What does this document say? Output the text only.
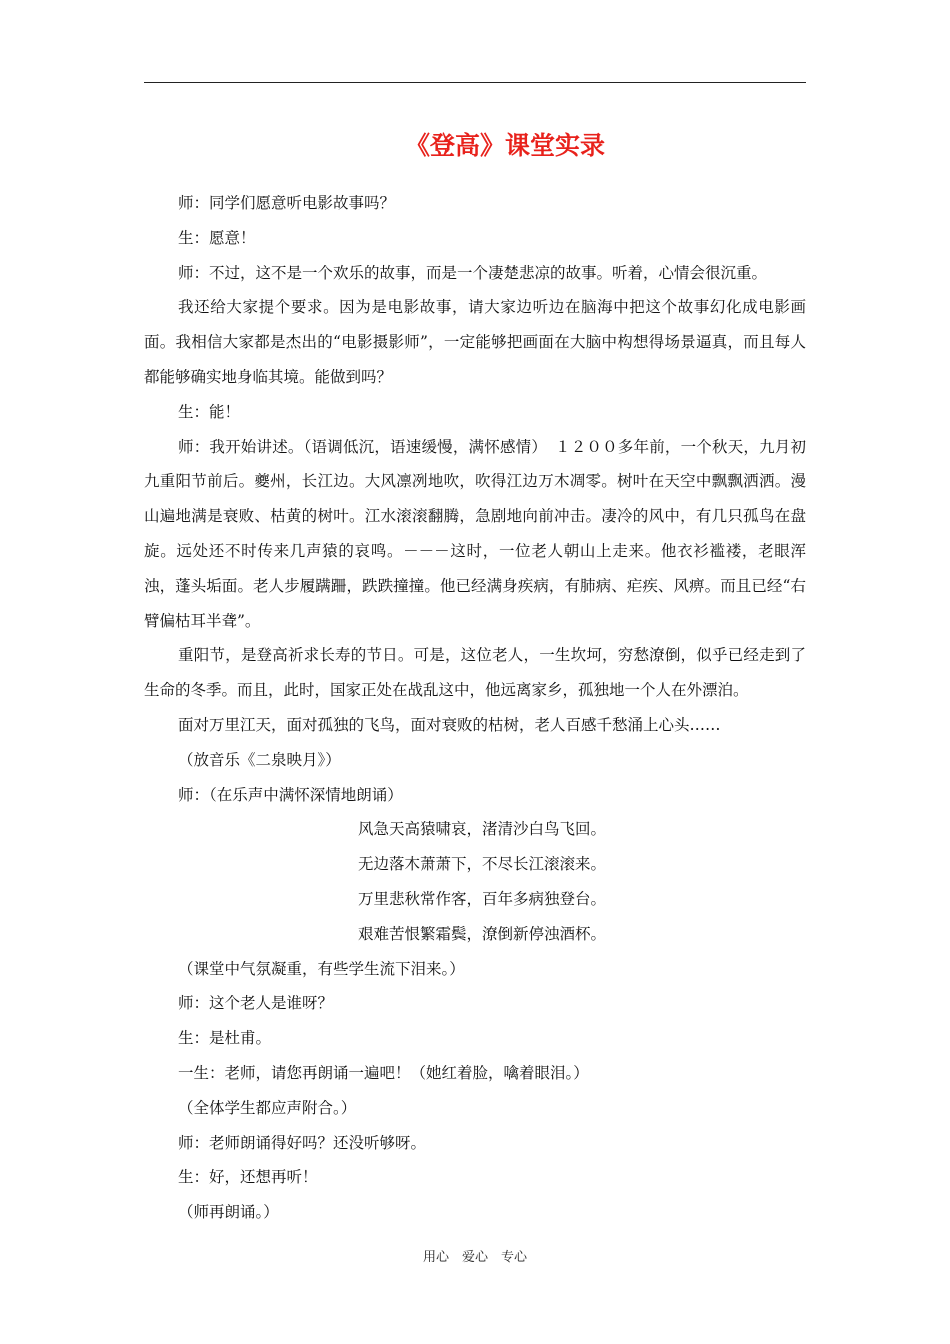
《登高》课堂实录

师：同学们愿意听电影故事吗？

生：愿意！

师：不过，这不是一个欢乐的故事，而是一个凄楚悲凉的故事。听着，心情会很沉重。

我还给大家提个要求。因为是电影故事，请大家边听边在脑海中把这个故事幻化成电影画面。我相信大家都是杰出的“电影摄影师”，一定能够把画面在大脑中构想得场景逼真，而且每人都能够确实地身临其境。能做到吗？

生：能！

师：我开始讲述。（语调低沉，语速缓慢，满怀感情）　１２００多年前，一个秋天，九月初九重阳节前后。夔州，长江边。大风凛冽地吹，吹得江边万木凋零。树叶在天空中飘飘洒洒。漫山遍地满是衰败、枯黄的树叶。江水滚滚翻腾，急剧地向前冲击。凄冷的风中，有几只孤鸟在盘旋。远处还不时传来几声猿的哀鸣。－－－这时，一位老人朝山上走来。他衣衫褴褛，老眼浑浊，蓬头垢面。老人步履蹒跚，跌跌撞撞。他已经满身疾病，有肺病、疟疾、风痹。而且已经“右臂偏枯耳半聋”。

重阳节，是登高祈求长寿的节日。可是，这位老人，一生坎坷，穷愁潦倒，似乎已经走到了生命的冬季。而且，此时，国家正处在战乱这中，他远离家乡，孤独地一个人在外漂泊。

面对万里江天，面对孤独的飞鸟，面对衰败的枯树，老人百感千愁涌上心头……

（放音乐《二泉映月》）

师：（在乐声中满怀深情地朗诵）

风急天高猿啸哀，渚清沙白鸟飞回。

无边落木萧萧下，不尽长江滚滚来。

万里悲秋常作客，百年多病独登台。

艰难苦恨繁霜鬓，潦倒新停浊酒杯。

（课堂中气氛凝重，有些学生流下泪来。）

师：这个老人是谁呀？

生：是杜甫。

一生：老师，请您再朗诵一遍吧！（她红着脸，噙着眼泪。）

（全体学生都应声附合。）

师：老师朗诵得好吗？还没听够呀。

生：好，还想再听！

（师再朗诵。）

用心　爱心　专心
